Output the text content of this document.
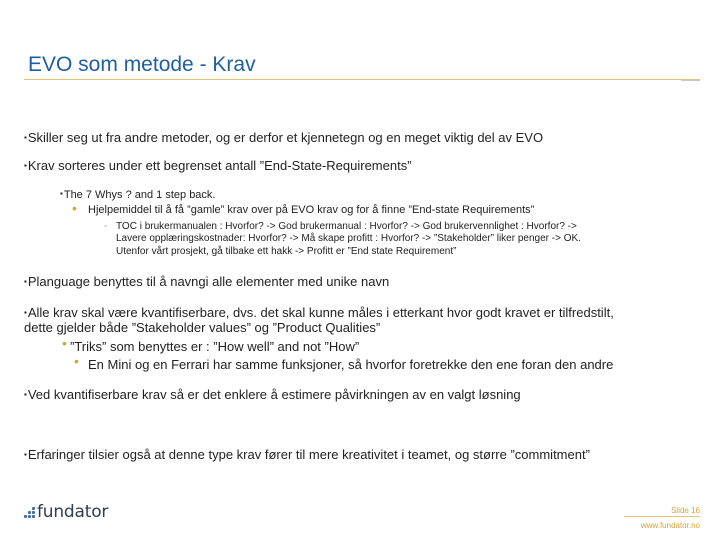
EVO som metode - Krav
▪Skiller seg ut fra andre metoder, og er derfor et kjennetegn og en meget viktig del av EVO
▪Krav sorteres under ett begrenset antall ”End-State-Requirements”
▪The 7 Whys ? and 1 step back.
• Hjelpemiddel til å få ”gamle” krav over på EVO krav og for å finne ”End-state Requirements”
- TOC i brukermanualen : Hvorfor? -> God brukermanual : Hvorfor? -> God brukervennlighet : Hvorfor? ->
Lavere opplæringskostnader: Hvorfor? -> Må skape profitt : Hvorfor? -> ”Stakeholder” liker penger -> OK.
Utenfor vårt prosjekt, gå tilbake ett hakk -> Profitt er ”End state Requirement”
▪Planguage benyttes til å navngi alle elementer med unike navn
▪Alle krav skal være kvantifiserbare, dvs. det skal kunne måles i etterkant hvor godt kravet er tilfredstilt,
dette gjelder både ”Stakeholder values” og ”Product Qualities”
• ”Triks” som benyttes er : ”How well” and not ”How”
• En Mini og en Ferrari har samme funksjoner, så hvorfor foretrekke den ene foran den andre
▪Ved kvantifiserbare krav så er det enklere å estimere påvirkningen av en valgt løsning
▪Erfaringer tilsier også at denne type krav fører til mere kreativitet i teamet, og større ”commitment”
fundator	Slide 16
www.fundator.no
